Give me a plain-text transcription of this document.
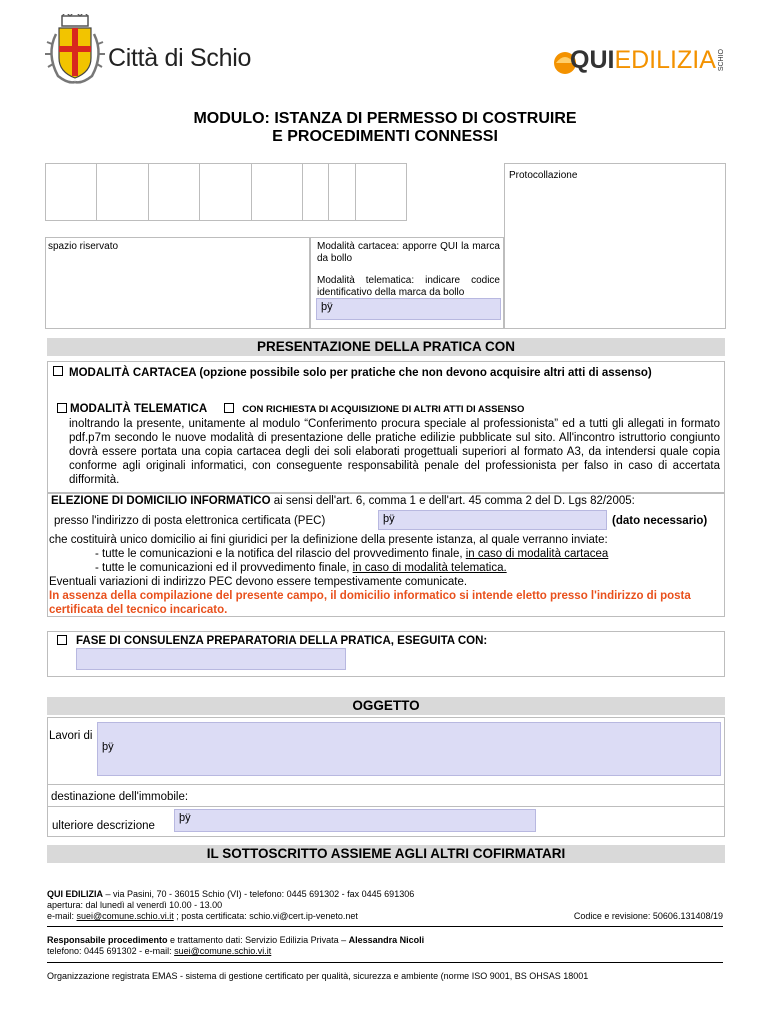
Città di Schio	QUI EDILIZIA SCHIO
MODULO: ISTANZA DI PERMESSO DI COSTRUIRE
E PROCEDIMENTI CONNESSI
Protocollazione
spazio riservato	Modalità cartacea: apporre QUI la marca da bollo
Modalità telematica: indicare codice identificativo della marca da bollo
þÿ
PRESENTAZIONE DELLA PRATICA CON
MODALITÀ CARTACEA (opzione possibile solo per pratiche che non devono acquisire altri atti di assenso)
MODALITÀ TELEMATICA	CON RICHIESTA DI ACQUISIZIONE DI ALTRI ATTI DI ASSENSO
inoltrando la presente, unitamente al modulo “Conferimento procura speciale al professionista” ed a tutti gli allegati in formato pdf.p7m secondo le nuove modalità di presentazione delle pratiche edilizie pubblicate sul sito. All'incontro istruttorio congiunto dovrà essere portata una copia cartacea degli dei soli elaborati progettuali superiori al formato A3, da intendersi quale copia conforme agli originali informatici, con conseguente responsabilità penale del professionista per falso in caso di accertata difformità.
ELEZIONE DI DOMICILIO INFORMATICO ai sensi dell'art. 6, comma 1 e dell'art. 45 comma 2 del D. Lgs 82/2005:
presso l'indirizzo di posta elettronica certificata (PEC)	þÿ	(dato necessario)
che costituirà unico domicilio ai fini giuridici per la definizione della presente istanza, al quale verranno inviate:
- tutte le comunicazioni e la notifica del rilascio del provvedimento finale, in caso di modalità cartacea
- tutte le comunicazioni ed il provvedimento finale, in caso di modalità telematica.
Eventuali variazioni di indirizzo PEC devono essere tempestivamente comunicate.
In assenza della compilazione del presente campo, il domicilio informatico si intende eletto presso l'indirizzo di posta certificata del tecnico incaricato.
FASE DI CONSULENZA PREPARATORIA DELLA PRATICA, ESEGUITA CON:
OGGETTO
Lavori di
þÿ
destinazione dell'immobile:
ulteriore descrizione
þÿ
IL SOTTOSCRITTO ASSIEME AGLI ALTRI COFIRMATARI
QUI EDILIZIA – via Pasini, 70 - 36015 Schio (VI) - telefono: 0445 691302 - fax 0445 691306
apertura: dal lunedì al venerdì 10.00 - 13.00
e-mail: suei@comune.schio.vi.it ; posta certificata: schio.vi@cert.ip-veneto.net	Codice e revisione: 50606.131408/19
Responsabile procedimento e trattamento dati: Servizio Edilizia Privata – Alessandra Nicoli
telefono: 0445 691302 - e-mail: suei@comune.schio.vi.it
Organizzazione registrata EMAS - sistema di gestione certificato per qualità, sicurezza e ambiente (norme ISO 9001, BS OHSAS 18001
